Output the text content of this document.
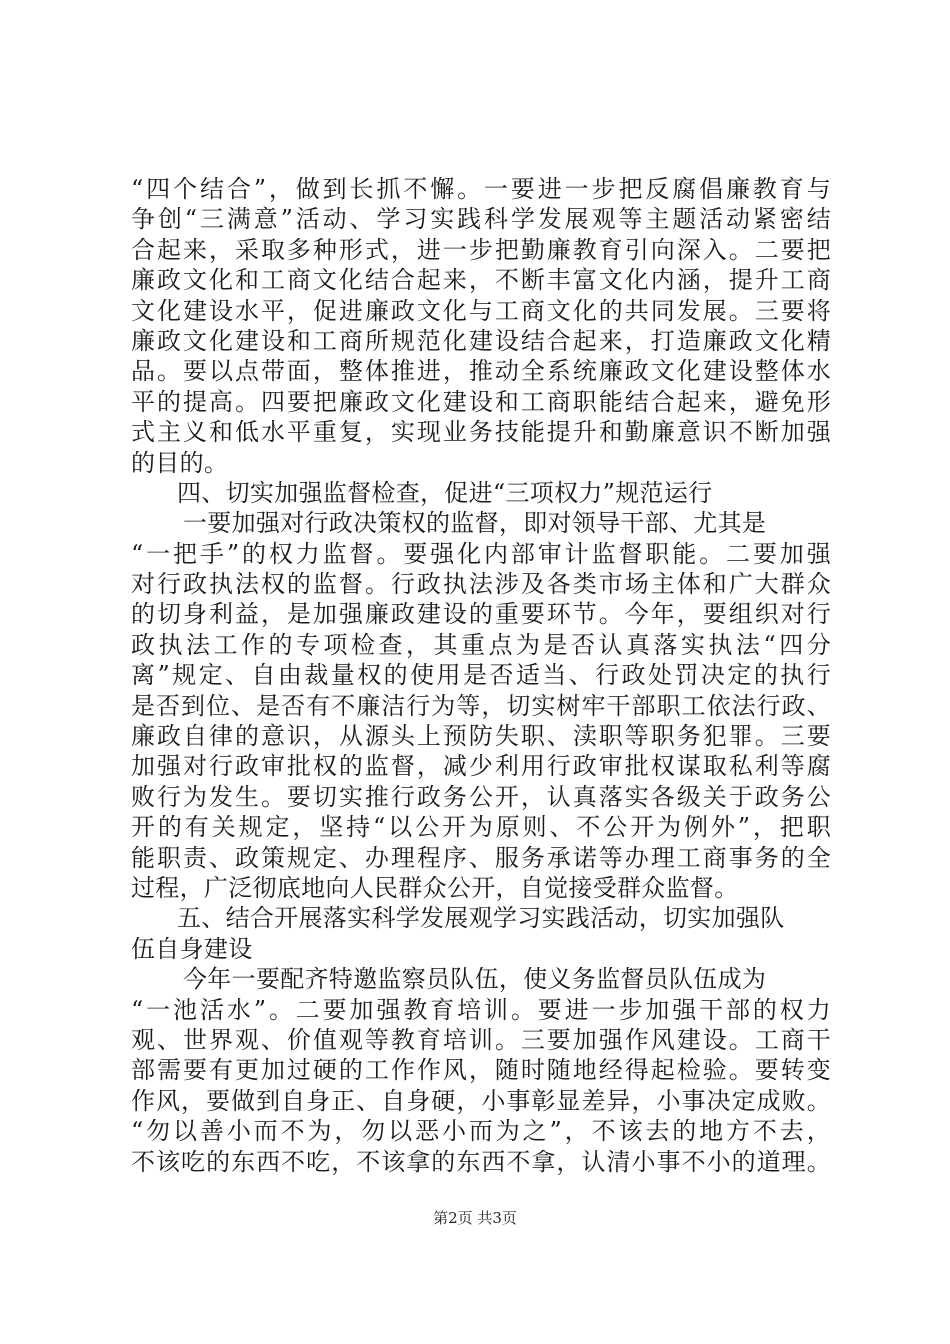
“四个结合”，做到长抓不懈。一要进一步把反腐倡廉教育与
争创“三满意”活动、学习实践科学发展观等主题活动紧密结
合起来，采取多种形式，进一步把勤廉教育引向深入。二要把
廉政文化和工商文化结合起来，不断丰富文化内涵，提升工商
文化建设水平，促进廉政文化与工商文化的共同发展。三要将
廉政文化建设和工商所规范化建设结合起来，打造廉政文化精
品。要以点带面，整体推进，推动全系统廉政文化建设整体水
平的提高。四要把廉政文化建设和工商职能结合起来，避免形
式主义和低水平重复，实现业务技能提升和勤廉意识不断加强
的目的。
四、切实加强监督检查，促进“三项权力”规范运行
一要加强对行政决策权的监督，即对领导干部、尤其是
“一把手”的权力监督。要强化内部审计监督职能。二要加强
对行政执法权的监督。行政执法涉及各类市场主体和广大群众
的切身利益，是加强廉政建设的重要环节。今年，要组织对行
政执法工作的专项检查，其重点为是否认真落实执法“四分
离”规定、自由裁量权的使用是否适当、行政处罚决定的执行
是否到位、是否有不廉洁行为等，切实树牢干部职工依法行政、
廉政自律的意识，从源头上预防失职、渎职等职务犯罪。三要
加强对行政审批权的监督，减少利用行政审批权谋取私利等腐
败行为发生。要切实推行政务公开，认真落实各级关于政务公
开的有关规定，坚持“以公开为原则、不公开为例外”，把职
能职责、政策规定、办理程序、服务承诺等办理工商事务的全
过程，广泛彻底地向人民群众公开，自觉接受群众监督。
五、结合开展落实科学发展观学习实践活动，切实加强队
伍自身建设
今年一要配齐特邀监察员队伍，使义务监督员队伍成为
“一池活水”。二要加强教育培训。要进一步加强干部的权力
观、世界观、价值观等教育培训。三要加强作风建设。工商干
部需要有更加过硬的工作作风，随时随地经得起检验。要转变
作风，要做到自身正、自身硬，小事彰显差异，小事决定成败。
“勿以善小而不为，勿以恶小而为之”，不该去的地方不去，
不该吃的东西不吃，不该拿的东西不拿，认清小事不小的道理。
第2页 共3页
